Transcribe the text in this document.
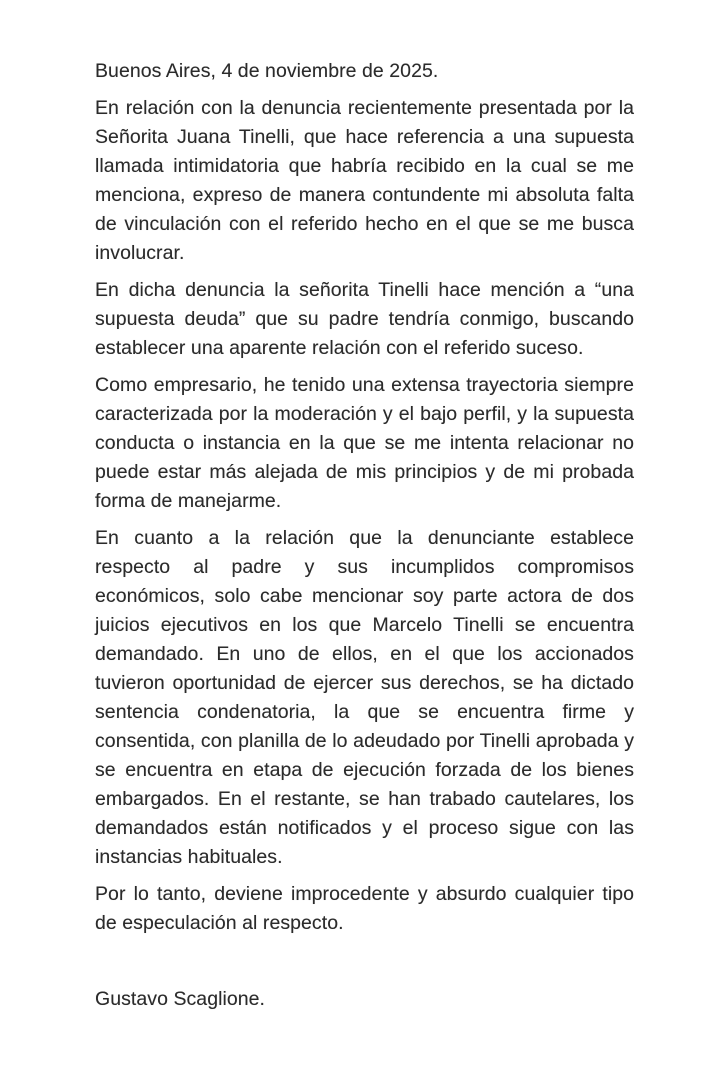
Buenos Aires, 4 de noviembre de 2025.

En relación con la denuncia recientemente presentada por la Señorita Juana Tinelli, que hace referencia a una supuesta llamada intimidatoria que habría recibido en la cual se me menciona, expreso de manera contundente mi absoluta falta de vinculación con el referido hecho en el que se me busca involucrar.

En dicha denuncia la señorita Tinelli hace mención a “una supuesta deuda” que su padre tendría conmigo, buscando establecer una aparente relación con el referido suceso.

Como empresario, he tenido una extensa trayectoria siempre caracterizada por la moderación y el bajo perfil, y la supuesta conducta o instancia en la que se me intenta relacionar no puede estar más alejada de mis principios y de mi probada forma de manejarme.

En cuanto a la relación que la denunciante establece respecto al padre y sus incumplidos compromisos económicos, solo cabe mencionar soy parte actora de dos juicios ejecutivos en los que Marcelo Tinelli se encuentra demandado. En uno de ellos, en el que los accionados tuvieron oportunidad de ejercer sus derechos, se ha dictado sentencia condenatoria, la que se encuentra firme y consentida, con planilla de lo adeudado por Tinelli aprobada y se encuentra en etapa de ejecución forzada de los bienes embargados. En el restante, se han trabado cautelares, los demandados están notificados y el proceso sigue con las instancias habituales.

Por lo tanto, deviene improcedente y absurdo cualquier tipo de especulación al respecto.

Gustavo Scaglione.
